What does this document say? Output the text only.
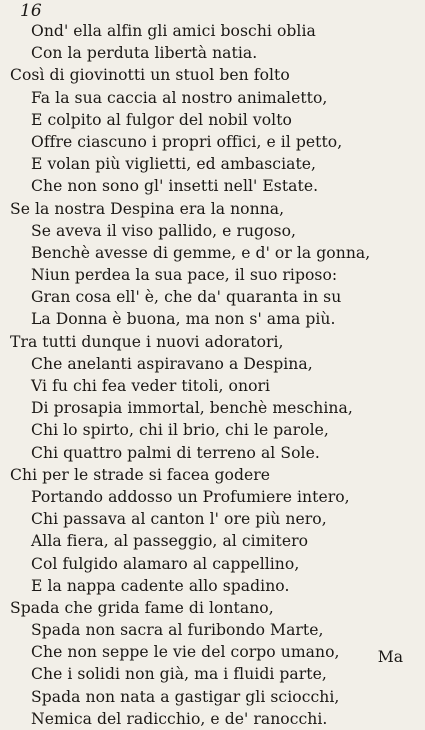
16
Ond' ella alfin gli amici boschi oblia
Con la perduta libertà natia.
Così di giovinotti un stuol ben folto
Fa la sua caccia al nostro animaletto,
E colpito al fulgor del nobil volto
Offre ciascuno i propri offici, e il petto,
E volan più viglietti, ed ambasciate,
Che non sono gl' insetti nell' Estate.
Se la nostra Despina era la nonna,
Se aveva il viso pallido, e rugoso,
Benchè avesse di gemme, e d' or la gonna,
Niun perdea la sua pace, il suo riposo:
Gran cosa ell' è, che da' quaranta in su
La Donna è buona, ma non s' ama più.
Tra tutti dunque i nuovi adoratori,
Che anelanti aspiravano a Despina,
Vi fu chi fea veder titoli, onori
Di prosapia immortal, benchè meschina,
Chi lo spirto, chi il brio, chi le parole,
Chi quattro palmi di terreno al Sole.
Chi per le strade si facea godere
Portando addosso un Profumiere intero,
Chi passava al canton l' ore più nero,
Alla fiera, al passeggio, al cimitero
Col fulgido alamaro al cappellino,
E la nappa cadente allo spadino.
Spada che grida fame di lontano,
Spada non sacra al furibondo Marte,
Che non seppe le vie del corpo umano,
Che i solidi non già, ma i fluidi parte,
Spada non nata a gastigar gli sciocchi,
Nemica del radicchio, e de' ranocchi.
Ma
